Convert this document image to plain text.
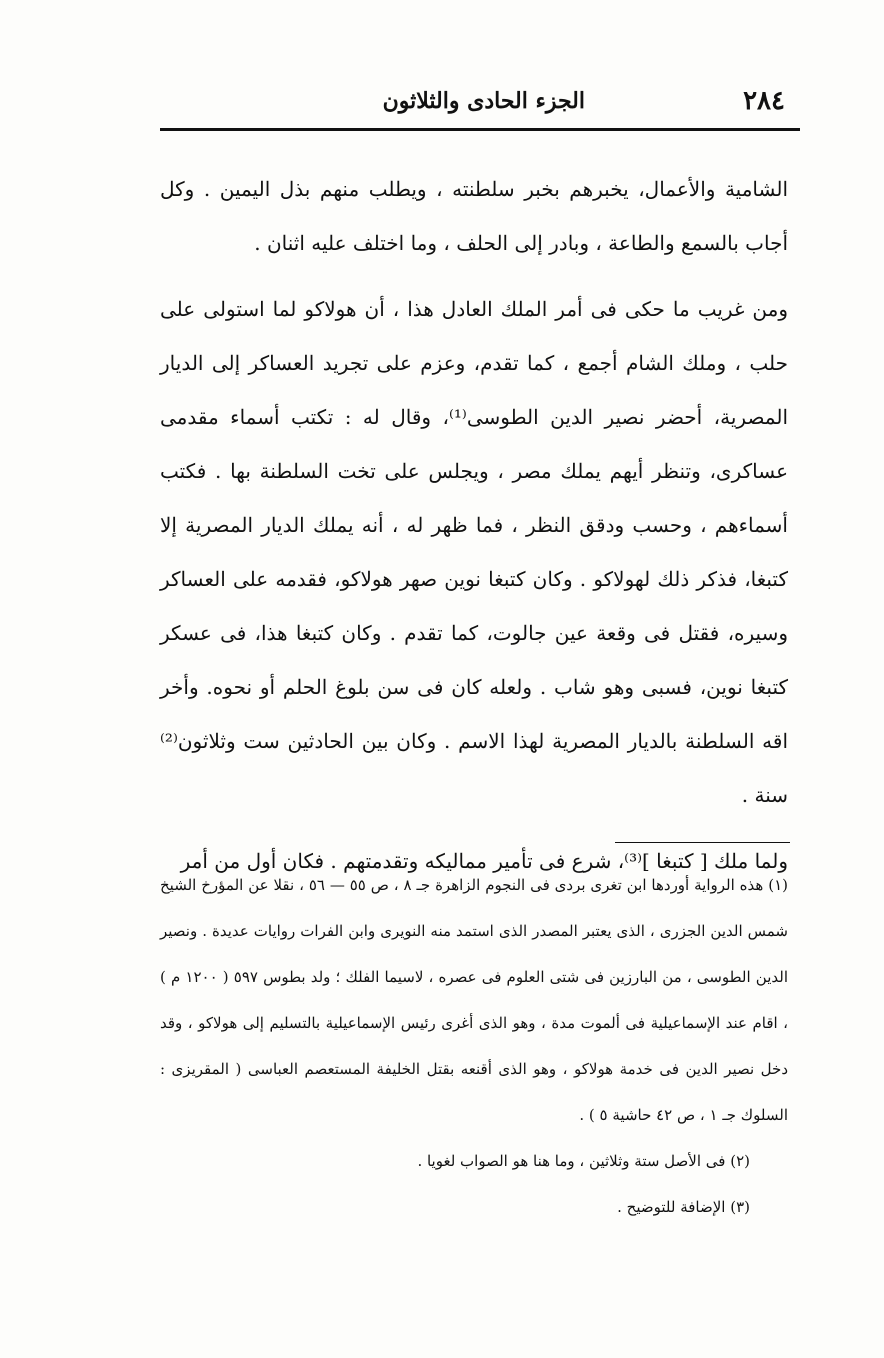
٢٨٤
الجزء الحادى والثلاثون

الشامية والأعمال، يخبرهم بخبر سلطنته ، ويطلب منهم بذل اليمين . وكل أجاب بالسمع والطاعة ، وبادر إلى الحلف ، وما اختلف عليه اثنان .

ومن غريب ما حكى فى أمر الملك العادل هذا ، أن هولاكو لما استولى على حلب ، وملك الشام أجمع ، كما تقدم، وعزم على تجريد العساكر إلى الديار المصرية، أحضر نصير الدين الطوسى⁽¹⁾، وقال له : تكتب أسماء مقدمى عساكرى، وتنظر أيهم يملك مصر ، ويجلس على تخت السلطنة بها . فكتب أسماءهم ، وحسب ودقق النظر ، فما ظهر له ، أنه يملك الديار المصرية إلا كتبغا، فذكر ذلك لهولاكو . وكان كتبغا نوين صهر هولاكو، فقدمه على العساكر وسيره، فقتل فى وقعة عين جالوت، كما تقدم . وكان كتبغا هذا، فى عسكر كتبغا نوين، فسبى وهو شاب . ولعله كان فى سن بلوغ الحلم أو نحوه. وأخر اقه السلطنة بالديار المصرية لهذا الاسم . وكان بين الحادثين ست وثلاثون⁽²⁾ سنة .

ولما ملك [ كتبغا ]⁽³⁾، شرع فى تأمير مماليكه وتقدمتهم . فكان أول من أمر

(١) هذه الرواية أوردها ابن تغرى بردى فى النجوم الزاهرة جـ ٨ ، ص ٥٥ — ٥٦ ، نقلا عن المؤرخ الشيخ شمس الدين الجزرى ، الذى يعتبر المصدر الذى استمد منه النويرى وابن الفرات روايات عديدة . ونصير الدين الطوسى ، من البارزين فى شتى العلوم فى عصره ، لاسيما الفلك ؛ ولد بطوس ٥٩٧ ( ١٢٠٠ م ) ، اقام عند الإسماعيلية فى ألموت مدة ، وهو الذى أغرى رئيس الإسماعيلية بالتسليم إلى هولاكو ، وقد دخل نصير الدين فى خدمة هولاكو ، وهو الذى أقنعه بقتل الخليفة المستعصم العباسى ( المقريزى : السلوك جـ ١ ، ص ٤٢ حاشية ٥ ) .

(٢) فى الأصل ستة وثلاثين ، وما هنا هو الصواب لغويا .

(٣) الإضافة للتوضيح .
